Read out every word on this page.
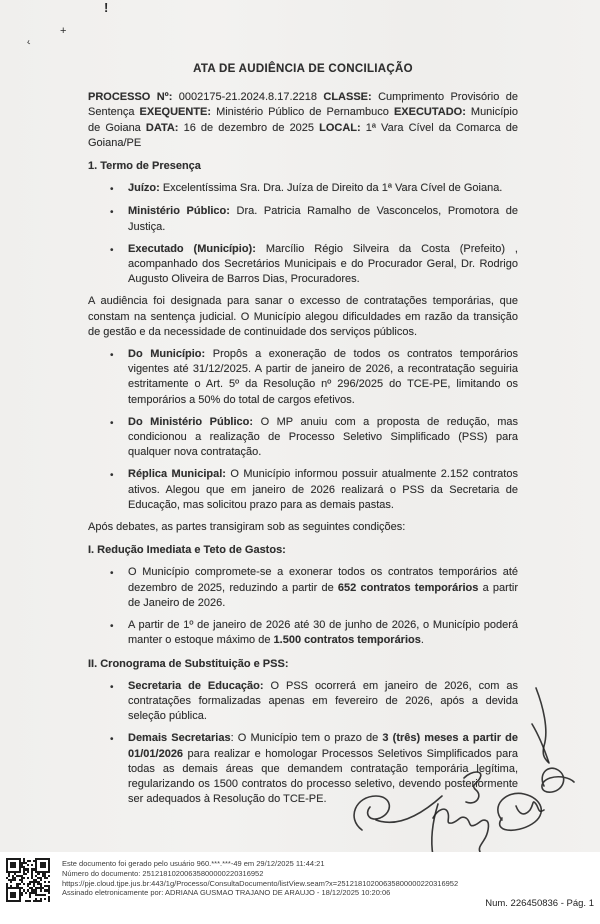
!
+
‹
ATA DE AUDIÊNCIA DE CONCILIAÇÃO

PROCESSO Nº: 0002175-21.2024.8.17.2218 CLASSE: Cumprimento Provisório de Sentença EXEQUENTE: Ministério Público de Pernambuco EXECUTADO: Município de Goiana DATA: 16 de dezembro de 2025 LOCAL: 1ª Vara Cível da Comarca de Goiana/PE

1. Termo de Presença
•	Juízo: Excelentíssima Sra. Dra. Juíza de Direito da 1ª Vara Cível de Goiana.
•	Ministério Público: Dra. Patricia Ramalho de Vasconcelos, Promotora de Justiça.
•	Executado (Município): Marcílio Régio Silveira da Costa (Prefeito) , acompanhado dos Secretários Municipais e do Procurador Geral, Dr. Rodrigo Augusto Oliveira de Barros Dias, Procuradores.

A audiência foi designada para sanar o excesso de contratações temporárias, que constam na sentença judicial. O Município alegou dificuldades em razão da transição de gestão e da necessidade de continuidade dos serviços públicos.

•	Do Município: Propôs a exoneração de todos os contratos temporários vigentes até 31/12/2025. A partir de janeiro de 2026, a recontratação seguiria estritamente o Art. 5º da Resolução nº 296/2025 do TCE-PE, limitando os temporários a 50% do total de cargos efetivos.
•	Do Ministério Público: O MP anuiu com a proposta de redução, mas condicionou a realização de Processo Seletivo Simplificado (PSS) para qualquer nova contratação.
•	Réplica Municipal: O Município informou possuir atualmente 2.152 contratos ativos. Alegou que em janeiro de 2026 realizará o PSS da Secretaria de Educação, mas solicitou prazo para as demais pastas.

Após debates, as partes transigiram sob as seguintes condições:

I. Redução Imediata e Teto de Gastos:
•	O Município compromete-se a exonerar todos os contratos temporários até dezembro de 2025, reduzindo a partir de 652 contratos temporários a partir de Janeiro de 2026.
•	A partir de 1º de janeiro de 2026 até 30 de junho de 2026, o Município poderá manter o estoque máximo de 1.500 contratos temporários.
II. Cronograma de Substituição e PSS:
•	Secretaria de Educação: O PSS ocorrerá em janeiro de 2026, com as contratações formalizadas apenas em fevereiro de 2026, após a devida seleção pública.
•	Demais Secretarias: O Município tem o prazo de 3 (três) meses a partir de 01/01/2026 para realizar e homologar Processos Seletivos Simplificados para todas as demais áreas que demandem contratação temporária legítima, regularizando os 1500 contratos do processo seletivo, devendo posteriormente ser adequados à Resolução do TCE-PE.
Este documento foi gerado pelo usuário 960.***.***-49 em 29/12/2025 11:44:21
Número do documento: 25121810200635800000220316952
https://pje.cloud.tjpe.jus.br:443/1g/Processo/ConsultaDocumento/listView.seam?x=25121810200635800000220316952
Assinado eletronicamente por: ADRIANA GUSMAO TRAJANO DE ARAUJO - 18/12/2025 10:20:06
Num. 226450836 - Pág. 1
